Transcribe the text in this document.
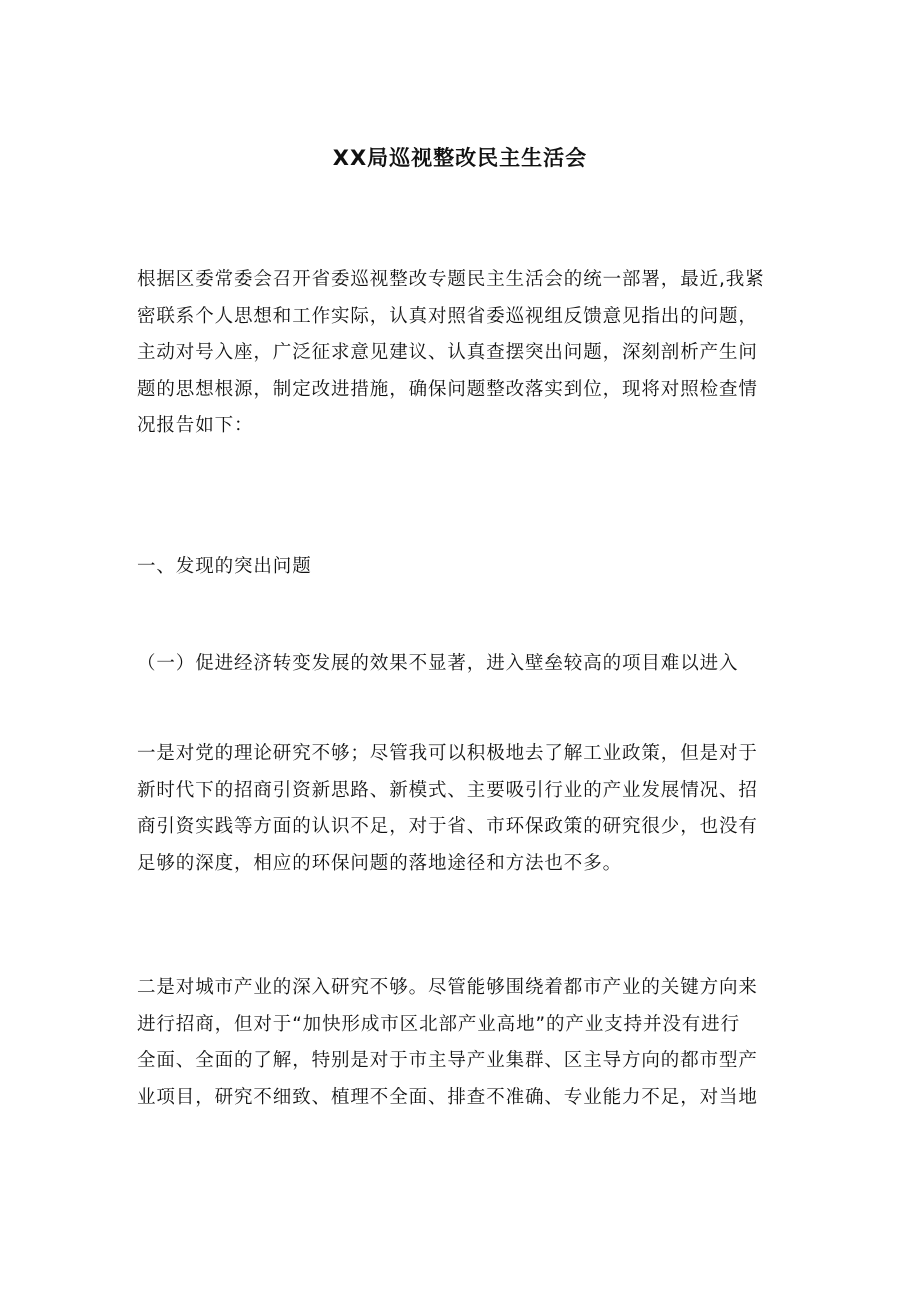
XX局巡视整改民主生活会
根据区委常委会召开省委巡视整改专题民主生活会的统一部署，最近,我紧
密联系个人思想和工作实际，认真对照省委巡视组反馈意见指出的问题，
主动对号入座，广泛征求意见建议、认真查摆突出问题，深刻剖析产生问
题的思想根源，制定改进措施，确保问题整改落实到位，现将对照检查情
况报告如下：
一、发现的突出问题
（一）促进经济转变发展的效果不显著，进入壁垒较高的项目难以进入
一是对党的理论研究不够；尽管我可以积极地去了解工业政策，但是对于
新时代下的招商引资新思路、新模式、主要吸引行业的产业发展情况、招
商引资实践等方面的认识不足，对于省、市环保政策的研究很少，也没有
足够的深度，相应的环保问题的落地途径和方法也不多。
二是对城市产业的深入研究不够。尽管能够围绕着都市产业的关键方向来
进行招商，但对于“加快形成市区北部产业高地”的产业支持并没有进行
全面、全面的了解，特别是对于市主导产业集群、区主导方向的都市型产
业项目，研究不细致、植理不全面、排查不准确、专业能力不足，对当地
